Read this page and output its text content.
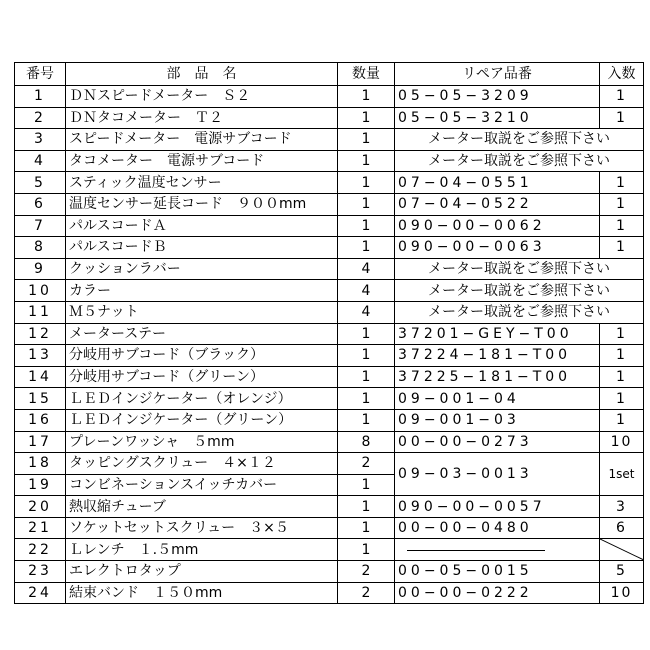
番号	部　品　名	数量	リペア品番	入数
1	ＤＮスピードメーター　Ｓ２	1	05−05−3209	1
2	ＤＮタコメーター　Ｔ２	1	05−05−3210	1
3	スピードメーター　電源サブコード	1	メーター取説をご参照下さい	
4	タコメーター　電源サブコード	1	メーター取説をご参照下さい	
5	スティック温度センサー	1	07−04−0551	1
6	温度センサー延長コード　９００mm	1	07−04−0522	1
7	パルスコードＡ	1	090−00−0062	1
8	パルスコードＢ	1	090−00−0063	1
9	クッションラバー	4	メーター取説をご参照下さい	
10	カラー	4	メーター取説をご参照下さい	
11	Ｍ５ナット	4	メーター取説をご参照下さい	
12	メーターステー	1	37201−GEY−T00	1
13	分岐用サブコード（ブラック）	1	37224−181−T00	1
14	分岐用サブコード（グリーン）	1	37225−181−T00	1
15	ＬＥＤインジケーター（オレンジ）	1	09−001−04	1
16	ＬＥＤインジケーター（グリーン）	1	09−001−03	1
17	プレーンワッシャ　５mm	8	00−00−0273	10
18	タッピングスクリュー　４×１２	2	09−03−0013	1set
19	コンビネーションスイッチカバー	1		
20	熱収縮チューブ	1	090−00−0057	3
21	ソケットセットスクリュー　３×５	1	00−00−0480	6
22	Ｌレンチ　１.５mm	1	

23	エレクトロタップ	2	00−05−0015	5
24	結束バンド　１５０mm	2	00−00−0222	10
